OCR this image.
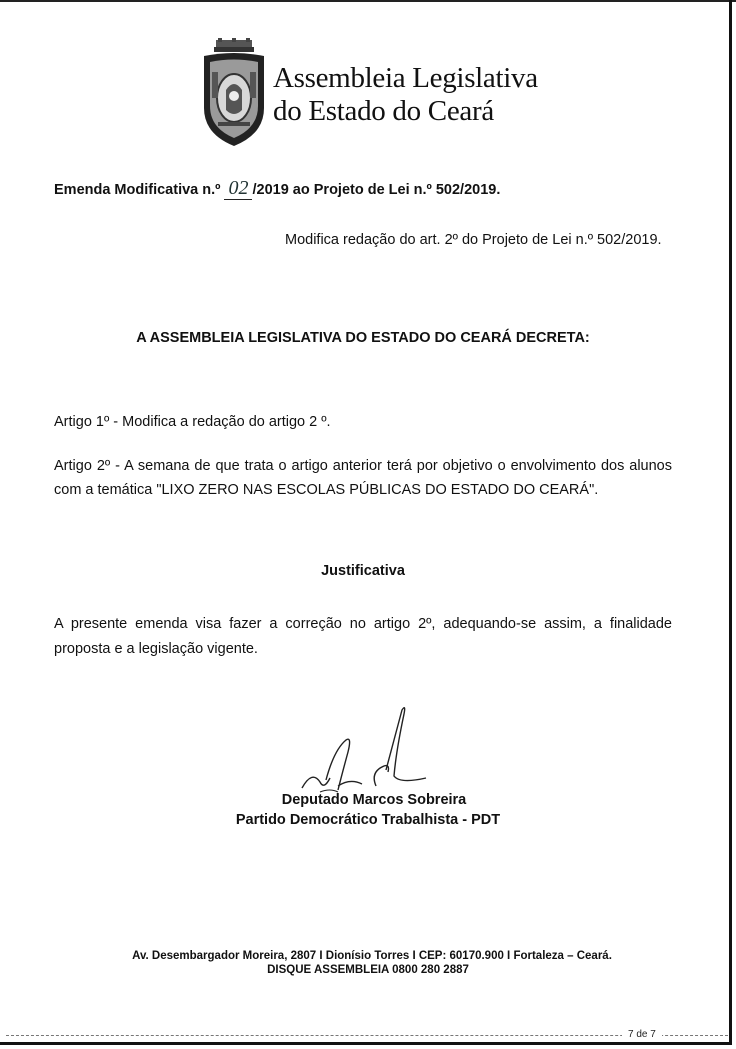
Assembleia Legislativa
do Estado do Ceará
Emenda Modificativa n.º 02 /2019 ao Projeto de Lei n.º 502/2019.
Modifica redação do art. 2º do Projeto de Lei n.º 502/2019.
A ASSEMBLEIA LEGISLATIVA DO ESTADO DO CEARÁ DECRETA:
Artigo 1º - Modifica a redação do artigo 2 º.
Artigo 2º - A semana de que trata o artigo anterior terá por objetivo o envolvimento dos alunos com a temática "LIXO ZERO NAS ESCOLAS PÚBLICAS DO ESTADO DO CEARÁ".
Justificativa
A presente emenda visa fazer a correção no artigo 2º, adequando-se assim, a finalidade proposta e a legislação vigente.
Deputado Marcos Sobreira
Partido Democrático Trabalhista - PDT
Av. Desembargador Moreira, 2807 I Dionísio Torres I CEP: 60170.900 I Fortaleza – Ceará.
DISQUE ASSEMBLEIA 0800 280 2887
7 de 7
